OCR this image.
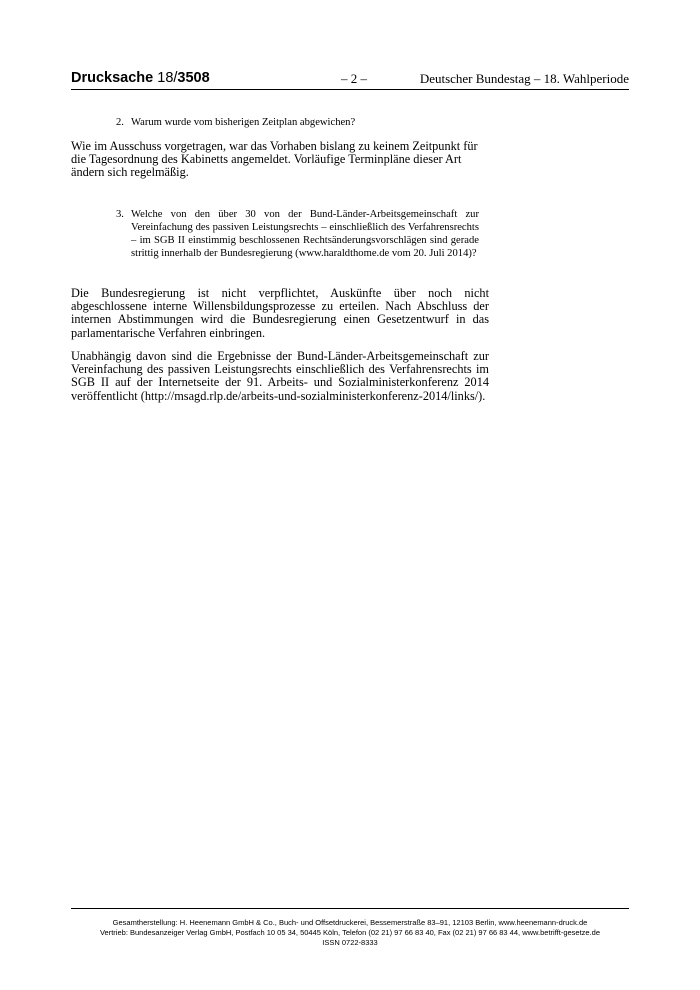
Drucksache 18/3508	– 2 –	Deutscher Bundestag – 18. Wahlperiode
2. Warum wurde vom bisherigen Zeitplan abgewichen?

Wie im Ausschuss vorgetragen, war das Vorhaben bislang zu keinem Zeitpunkt für die Tagesordnung des Kabinetts angemeldet. Vorläufige Terminpläne dieser Art ändern sich regelmäßig.

3. Welche von den über 30 von der Bund-Länder-Arbeitsgemeinschaft zur Vereinfachung des passiven Leistungsrechts – einschließlich des Verfahrensrechts – im SGB II einstimmig beschlossenen Rechtsänderungsvorschlägen sind gerade strittig innerhalb der Bundesregierung (www.haraldthome.de vom 20. Juli 2014)?

Die Bundesregierung ist nicht verpflichtet, Auskünfte über noch nicht abgeschlossene interne Willensbildungsprozesse zu erteilen. Nach Abschluss der internen Abstimmungen wird die Bundesregierung einen Gesetzentwurf in das parlamentarische Verfahren einbringen.

Unabhängig davon sind die Ergebnisse der Bund-Länder-Arbeitsgemeinschaft zur Vereinfachung des passiven Leistungsrechts einschließlich des Verfahrensrechts im SGB II auf der Internetseite der 91. Arbeits- und Sozialministerkonferenz 2014 veröffentlicht (http://msagd.rlp.de/arbeits-und-sozialministerkonferenz-2014/links/).

Gesamtherstellung: H. Heenemann GmbH & Co., Buch- und Offsetdruckerei, Bessemerstraße 83–91, 12103 Berlin, www.heenemann-druck.de
Vertrieb: Bundesanzeiger Verlag GmbH, Postfach 10 05 34, 50445 Köln, Telefon (02 21) 97 66 83 40, Fax (02 21) 97 66 83 44, www.betrifft-gesetze.de
ISSN 0722-8333
